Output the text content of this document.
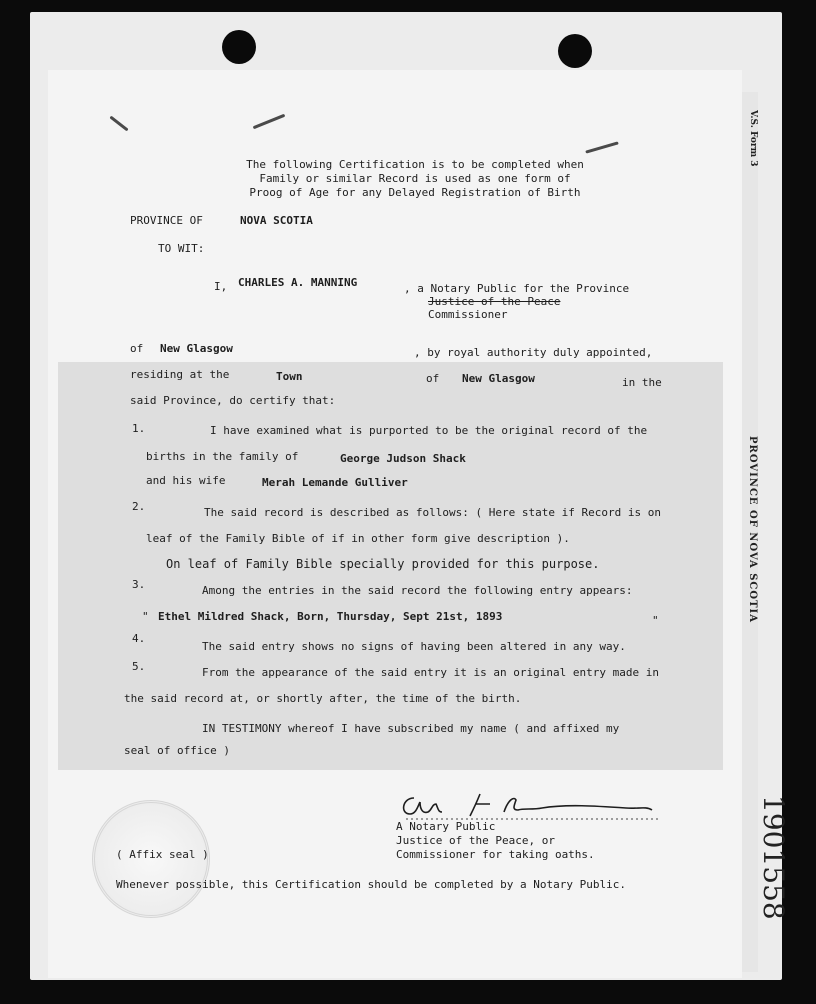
V.S. Form 3
PROVINCE OF NOVA SCOTIA
1901558
The following Certification is to be completed when
Family or similar Record is used as one form of
Proog of Age for any Delayed Registration of Birth
PROVINCE OF	NOVA SCOTIA
TO WIT:
I, CHARLES A. MANNING	, a Notary Public for the Province
Justice of the Peace
Commissioner
of New Glasgow	, by royal authority duly appointed,
residing at the	Town	of New Glasgow	in the
said Province, do certify that:
1.	I have examined what is purported to be the original record of the
births in the family of	George Judson Shack
and his wife	Merah Lemande Gulliver
2.	The said record is described as follows: ( Here state if Record is on
leaf of the Family Bible of if in other form give description ).
On leaf of Family Bible specially provided for this purpose.
3.	Among the entries in the said record the following entry appears:
" Ethel Mildred Shack, Born, Thursday, Sept 21st, 1893	"
4.
The said entry shows no signs of having been altered in any way.
5.	From the appearance of the said entry it is an original entry made in
the said record at, or shortly after, the time of the birth.
IN TESTIMONY whereof I have subscribed my name ( and affixed my
seal of office )
A Notary Public
Justice of the Peace, or
Commissioner for taking oaths.
( Affix seal )
Whenever possible, this Certification should be completed by a Notary Public.
